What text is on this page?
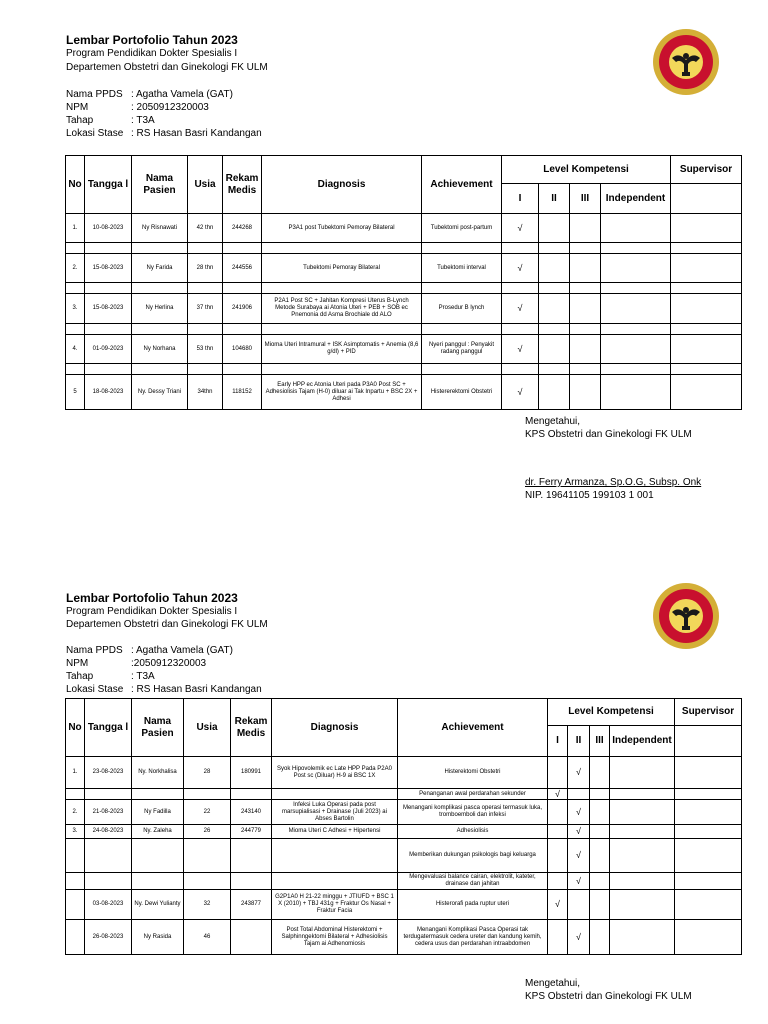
Lembar Portofolio Tahun 2023
Program Pendidikan Dokter Spesialis I
Departemen Obstetri dan Ginekologi FK ULM
Nama PPDS : Agatha Vamela (GAT)
NPM	: 2050912320003
Tahap	: T3A
Lokasi Stase : RS Hasan Basri Kandangan
No	Tangga l	Nama Pasien	Usia	Rekam Medis	Diagnosis	Achievement	Level Kompetensi				Supervisor
							I	II	III	Independent	
1.	10-08-2023	Ny Risnawati	42 thn	244268	P3A1 post Tubektomi Pemoray Bilateral	Tubektomi post-partum	√				

2.	15-08-2023	Ny Farida	28 thn	244556	Tubektomi Pemoray Bilateral	Tubektomi interval	√				

3.	15-08-2023	Ny Herlina	37 thn	241906	P2A1 Post SC + Jahitan Kompresi Uterus B-Lynch Metode Surabaya ai Atonia Uteri + PEB + SOB ec Pnemonia dd Asma Brochiale dd ALO	Prosedur B lynch	√				

4.	01-09-2023	Ny Norhana	53 thn	104680	Mioma Uteri Intramural + ISK Asimptomatis + Anemia (8,6 g/dl) + PID	Nyeri panggul : Penyakit radang panggul	√				

5	18-08-2023	Ny. Dessy Triani	34thn	118152	Early HPP ec Atonia Uteri pada P3A0 Post SC + Adhesiolisis Tajam (H-0) diluar ai Tak Inpartu + BSC 2X + Adhesi	Histererektomi Obstetri	√				
Mengetahui,
KPS Obstetri dan Ginekologi FK ULM
dr. Ferry Armanza, Sp.O.G, Subsp. Onk
NIP. 19641105 199103 1 001
Lembar Portofolio Tahun 2023
Program Pendidikan Dokter Spesialis I
Departemen Obstetri dan Ginekologi FK ULM
Nama PPDS : Agatha Vamela (GAT)
NPM	:2050912320003
Tahap	: T3A
Lokasi Stase : RS Hasan Basri Kandangan
No	Tangga l	Nama Pasien	Usia	Rekam Medis	Diagnosis	Achievement	Level Kompetensi				Supervisor
							I	II	III	Independent	
1.	23-08-2023	Ny. Norkhalisa	28	180991	Syok Hipovolemik ec Late HPP Pada P2A0 Post sc (Diluar) H-9 ai BSC 1X	Histerektomi Obstetri		√			
						Penanganan awal perdarahan sekunder	√				
2.	21-08-2023	Ny Fadilla	22	243140	Infeksi Luka Operasi pada post marsupialisasi + Drainase (Juli 2023) ai Abses Bartolin	Menangani komplikasi pasca operasi termasuk luka, tromboemboli dan infeksi		√			
3.	24-08-2023	Ny. Zaleha	26	244779	Mioma Uteri C Adhesi + Hipertensi	Adhesiolisis		√			
						Memberikan dukungan psikologis bagi keluarga		√			
						Mengevaluasi balance cairan, elektrolit, kateter, drainase dan jahitan		√			
	03-08-2023	Ny. Dewi Yulianty	32	243877	G2P1A0 H 21-22 minggu + JTIUFD + BSC 1 X (2010) + TBJ 431g + Fraktur Os Nasal + Fraktur Facia	Histerorafi pada ruptur uteri	√				
	26-08-2023	Ny Rasida	46		Post Total Abdominal Histerektomi + Salphinngektomi Bilateral + Adhesiolisis Tajam ai Adhenomiosis	Menangani Komplikasi Pasca Operasi tak terdugatermasuk cedera ureter dan kandung kemih, cedera usus dan perdarahan intraabdomen		√			
Mengetahui,
KPS Obstetri dan Ginekologi FK ULM
